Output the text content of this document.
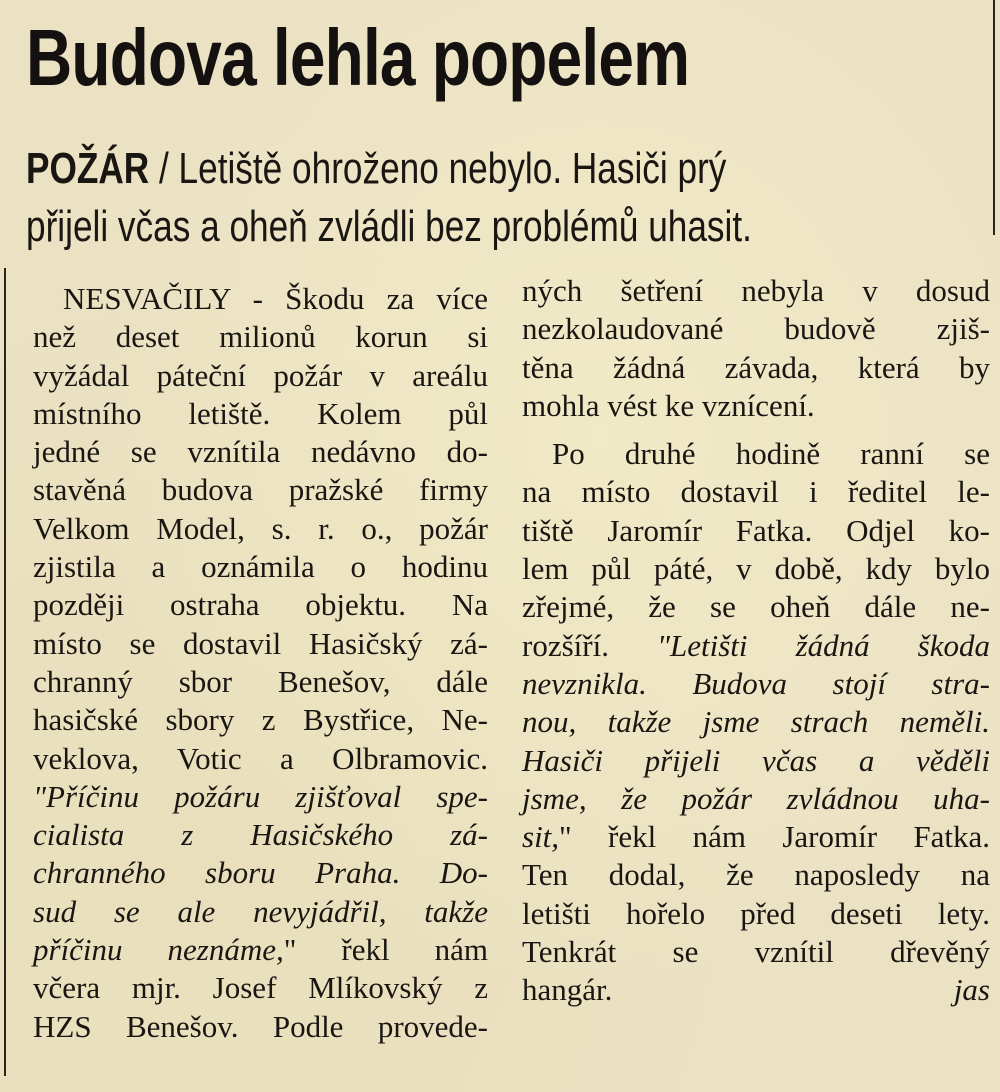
Budova lehla popelem
POŽÁR / Letiště ohroženo nebylo. Hasiči prý
přijeli včas a oheň zvládli bez problémů uhasit.

NESVAČILY - Škodu za více

než deset milionů korun si

vyžádal páteční požár v areálu

místního letiště. Kolem půl

jedné se vznítila nedávno do-

stavěná budova pražské firmy

Velkom Model, s. r. o., požár

zjistila a oznámila o hodinu

později ostraha objektu. Na

místo se dostavil Hasičský zá-

chranný sbor Benešov, dále

hasičské sbory z Bystřice, Ne-

veklova, Votic a Olbramovic.

"Příčinu požáru zjišťoval spe-

cialista z Hasičského zá-

chranného sboru Praha. Do-

sud se ale nevyjádřil, takže

příčinu neznáme," řekl nám

včera mjr. Josef Mlíkovský z

HZS Benešov. Podle provede-

ných šetření nebyla v dosud

nezkolaudované budově zjiš-

těna žádná závada, která by

mohla vést ke vznícení.

Po druhé hodině ranní se

na místo dostavil i ředitel le-

tiště Jaromír Fatka. Odjel ko-

lem půl páté, v době, kdy bylo

zřejmé, že se oheň dále ne-

rozšíří. "Letišti žádná škoda

nevznikla. Budova stojí stra-

nou, takže jsme strach neměli.

Hasiči přijeli včas a věděli

jsme, že požár zvládnou uha-

sit," řekl nám Jaromír Fatka.

Ten dodal, že naposledy na

letišti hořelo před deseti lety.

Tenkrát se vznítil dřevěný

hangár.	jas
